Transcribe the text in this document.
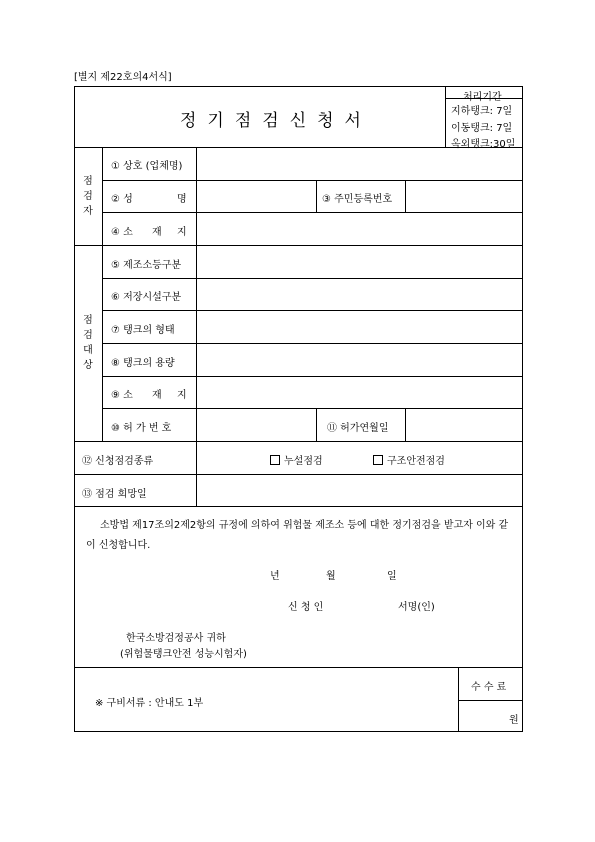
[별지 제22호의4서식]
정기점검신청서
처리기간
지하탱크: 7일
이동탱크: 7일
옥외탱크:30일
점
검
자
점
검
대
상
① 상호 (업체명)
② 성	명	③ 주민등록번호
④ 소 재 지
⑤ 제조소등구분
⑥ 저장시설구분
⑦ 탱크의 형태
⑧ 탱크의 용량
⑨ 소 재 지
⑩ 허 가 번 호	⑪ 허가연월일
⑫ 신청점검종류	누설점검	구조안전점검
⑬ 점검 희망일
소방법 제17조의2제2항의 규정에 의하여 위험물 제조소 등에 대한 정기점검을 받고자 이와 같이 신청합니다.
년	월	일
신 청 인	서명(인)
한국소방검정공사 귀하
(위험물탱크안전 성능시험자)
※ 구비서류 : 안내도 1부
수 수 료
원
